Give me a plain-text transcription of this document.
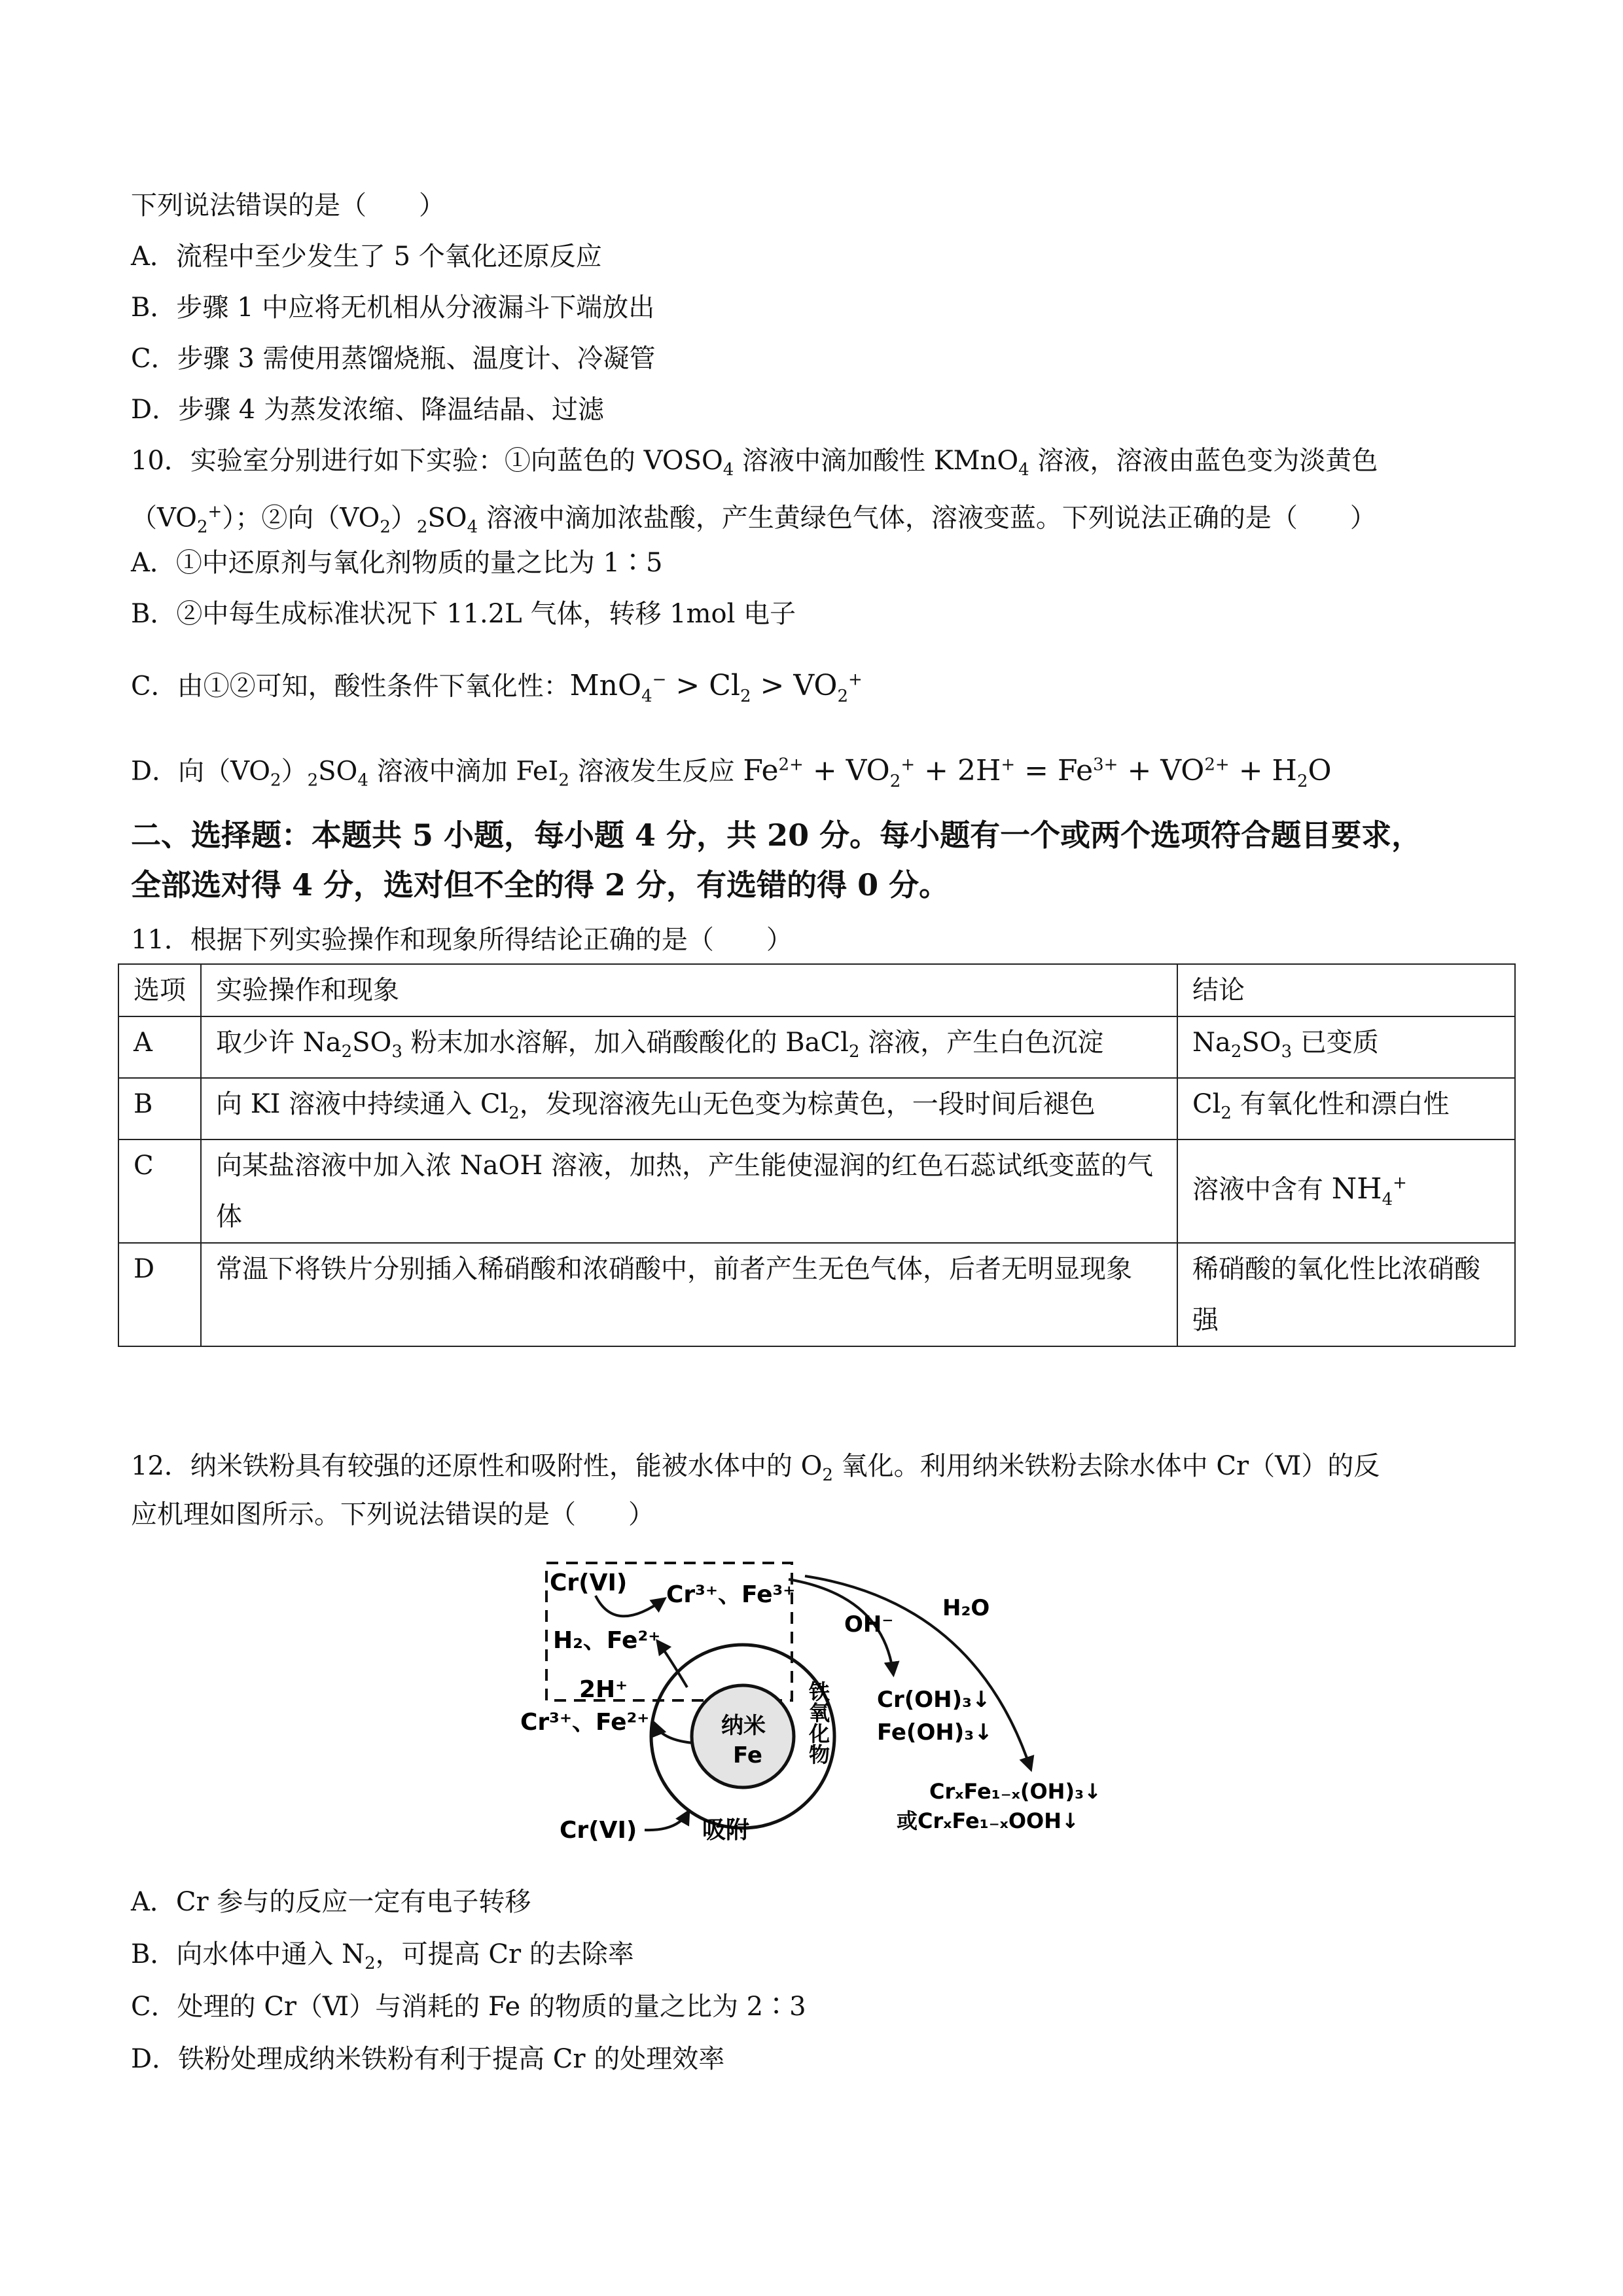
下列说法错误的是（　　）
A．流程中至少发生了 5 个氧化还原反应
B．步骤 1 中应将无机相从分液漏斗下端放出
C．步骤 3 需使用蒸馏烧瓶、温度计、冷凝管
D．步骤 4 为蒸发浓缩、降温结晶、过滤
10．实验室分别进行如下实验：①向蓝色的 $VOSO_4$ 溶液中滴加酸性 KMnO$_4$ 溶液，溶液由蓝色变为淡黄色
$(VO_2^+)$；②向$(VO_2)_2SO_4$ 溶液中滴加浓盐酸，产生黄绿色气体，溶液变蓝。下列说法正确的是（　　）
A．①中还原剂与氧化剂物质的量之比为 1∶5
B．②中每生成标准状况下 11.2L 气体，转移 1mol 电子
C．由①②可知，酸性条件下氧化性：$MnO_4^- > Cl_2 > VO_2^+$
D．向$(VO_2)_2SO_4$ 溶液中滴加 FeI$_2$ 溶液发生反应 $Fe^{2+} + VO_2^+ + 2H^+ = Fe^{3+} + VO^{2+} + H_2O$
二、选择题：本题共 5 小题，每小题 4 分，共 20 分。每小题有一个或两个选项符合题目要求，
全部选对得 4 分，选对但不全的得 2 分，有选错的得 0 分。
11．根据下列实验操作和现象所得结论正确的是（　　）
选项	实验操作和现象	结论
A	取少许 $Na_2SO_3$ 粉末加水溶解，加入硝酸酸化的 BaCl$_2$ 溶液，产生白色沉淀	$Na_2SO_3$ 已变质
B	向 KI 溶液中持续通入 $Cl_2$，发现溶液先山无色变为棕黄色，一段时间后褪色	$Cl_2$ 有氧化性和漂白性
C	向某盐溶液中加入浓 NaOH 溶液，加热，产生能使湿润的红色石蕊试纸变蓝的气体	溶液中含有 $NH_4^+$
D	常温下将铁片分别插入稀硝酸和浓硝酸中，前者产生无色气体，后者无明显现象	稀硝酸的氧化性比浓硝酸强
12．纳米铁粉具有较强的还原性和吸附性，能被水体中的 $O_2$ 氧化。利用纳米铁粉去除水体中 Cr（Ⅵ）的反
应机理如图所示。下列说法错误的是（　　）
Cr(VI) Cr³⁺、Fe³⁺
H₂、Fe²⁺
2H⁺
OH⁻
H₂O
纳米
Fe 铁氧化物
Cr³⁺、Fe²⁺
Cr(VI)	吸附
Cr(OH)₃↓
Fe(OH)₃↓
CrₓFe₁₋ₓ(OH)₃↓
或CrₓFe₁₋ₓOOH↓
A．Cr 参与的反应一定有电子转移
B．向水体中通入 $N_2$，可提高 Cr 的去除率
C．处理的 Cr（Ⅵ）与消耗的 Fe 的物质的量之比为 2∶3
D．铁粉处理成纳米铁粉有利于提高 Cr 的处理效率
